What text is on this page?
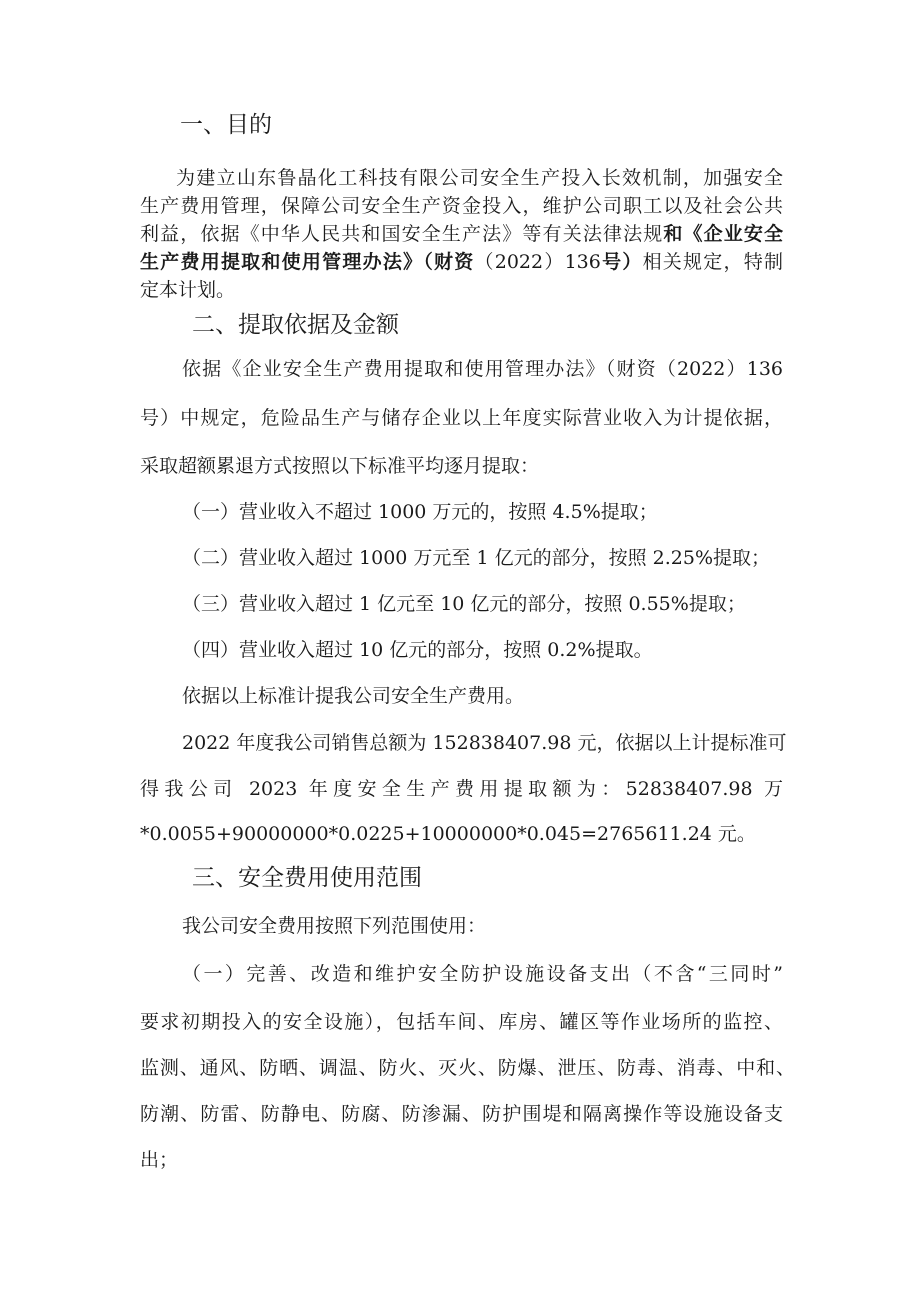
一、目的
为建立山东鲁晶化工科技有限公司安全生产投入长效机制，加强安全
生产费用管理，保障公司安全生产资金投入，维护公司职工以及社会公共
利益，依据《中华人民共和国安全生产法》等有关法律法规和《企业安全
生产费用提取和使用管理办法》（财资（2022）136号）相关规定，特制
定本计划。
二、提取依据及金额
依据《企业安全生产费用提取和使用管理办法》（财资（2022）136
号）中规定，危险品生产与储存企业以上年度实际营业收入为计提依据，
采取超额累退方式按照以下标准平均逐月提取：
（一）营业收入不超过 1000 万元的，按照 4.5%提取；
（二）营业收入超过 1000 万元至 1 亿元的部分，按照 2.25%提取；
（三）营业收入超过 1 亿元至 10 亿元的部分，按照 0.55%提取；
（四）营业收入超过 10 亿元的部分，按照 0.2%提取。
依据以上标准计提我公司安全生产费用。
2022 年度我公司销售总额为 152838407.98 元，依据以上计提标准可
得我公司 2023 年度安全生产费用提取额为：52838407.98 万
*0.0055+90000000*0.0225+10000000*0.045=2765611.24 元。
三、安全费用使用范围
我公司安全费用按照下列范围使用：
（一）完善、改造和维护安全防护设施设备支出（不含“三同时”
要求初期投入的安全设施），包括车间、库房、罐区等作业场所的监控、
监测、通风、防晒、调温、防火、灭火、防爆、泄压、防毒、消毒、中和、
防潮、防雷、防静电、防腐、防渗漏、防护围堤和隔离操作等设施设备支
出；
